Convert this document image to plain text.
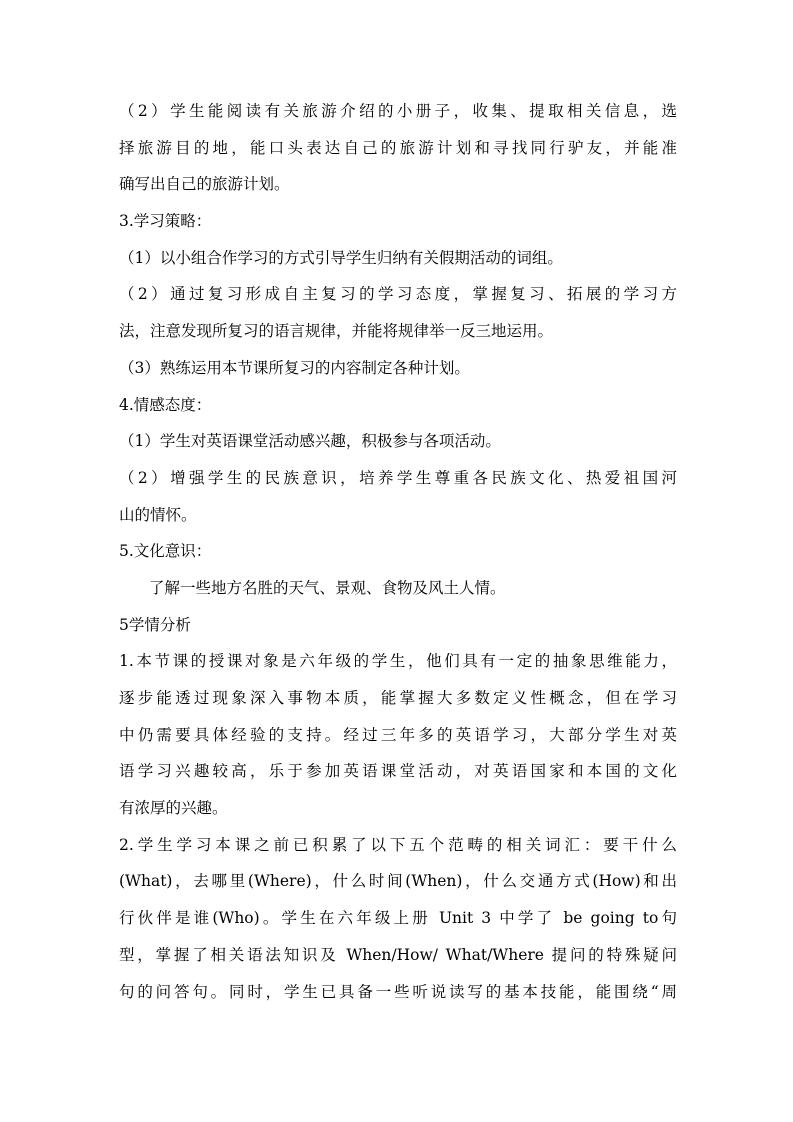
（2）学生能阅读有关旅游介绍的小册子，收集、提取相关信息，选
择旅游目的地，能口头表达自己的旅游计划和寻找同行驴友，并能准
确写出自己的旅游计划。
3.学习策略：
（1）以小组合作学习的方式引导学生归纳有关假期活动的词组。
（2）通过复习形成自主复习的学习态度，掌握复习、拓展的学习方
法，注意发现所复习的语言规律，并能将规律举一反三地运用。
（3）熟练运用本节课所复习的内容制定各种计划。
4.情感态度：
（1）学生对英语课堂活动感兴趣，积极参与各项活动。
（2）增强学生的民族意识，培养学生尊重各民族文化、热爱祖国河
山的情怀。
5.文化意识：
了解一些地方名胜的天气、景观、食物及风土人情。
5学情分析
1.本节课的授课对象是六年级的学生，他们具有一定的抽象思维能力，
逐步能透过现象深入事物本质，能掌握大多数定义性概念，但在学习
中仍需要具体经验的支持。经过三年多的英语学习，大部分学生对英
语学习兴趣较高，乐于参加英语课堂活动，对英语国家和本国的文化
有浓厚的兴趣。
2.学生学习本课之前已积累了以下五个范畴的相关词汇：要干什么
(What)，去哪里(Where)，什么时间(When)，什么交通方式(How)和出
行伙伴是谁(Who)。学生在六年级上册 Unit 3 中学了 be going to句
型，掌握了相关语法知识及 When/How/ What/Where 提问的特殊疑问
句的问答句。同时，学生已具备一些听说读写的基本技能，能围绕“周
